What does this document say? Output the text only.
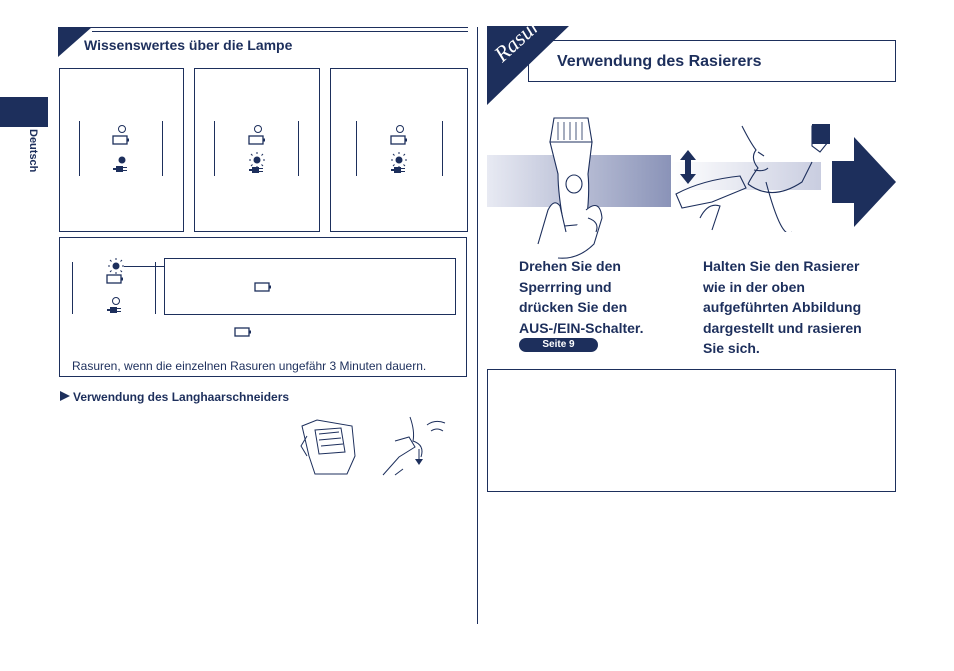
Deutsch
Wissenswertes über die Lampe
Rasuren, wenn die einzelnen Rasuren ungefähr 3 Minuten dauern.
Verwendung des Langhaarschneiders
Rasur Verwendung des Rasierers
Drehen Sie den Sperrring und drücken Sie den AUS-/EIN-Schalter.
Seite 9
Halten Sie den Rasierer wie in der oben aufgeführten Abbildung dargestellt und rasieren Sie sich.
